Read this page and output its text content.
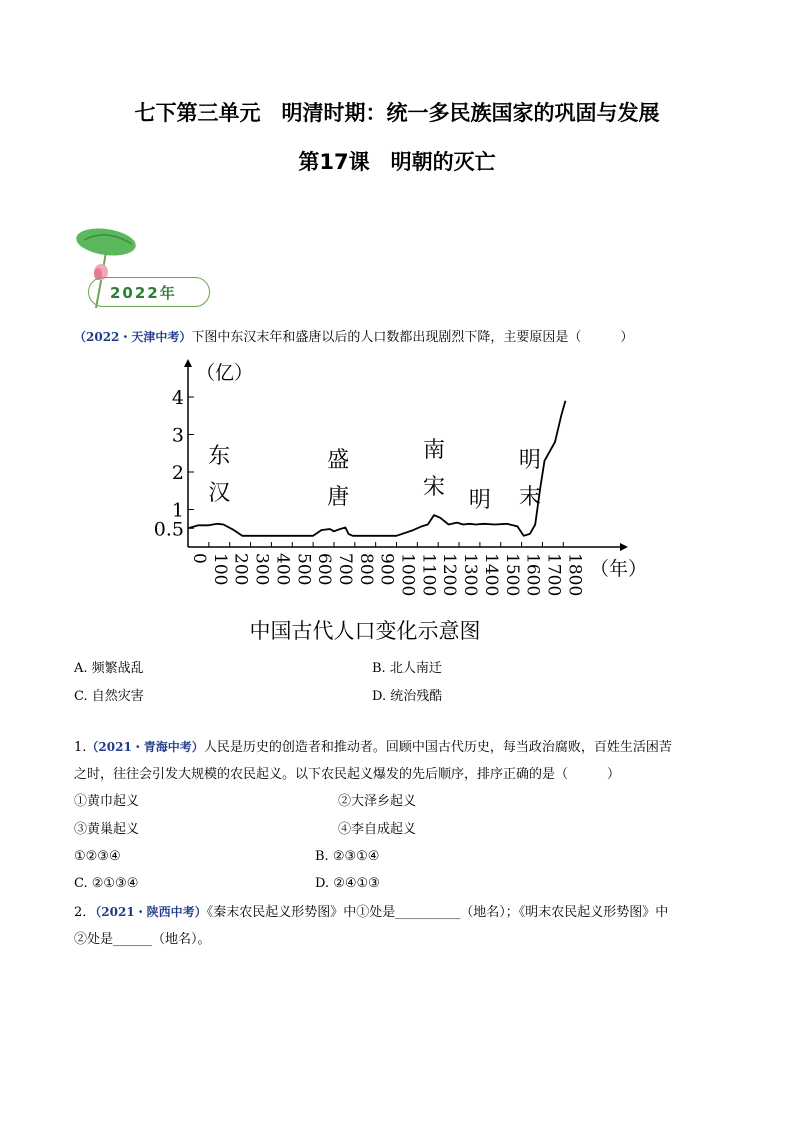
七下第三单元　明清时期：统一多民族国家的巩固与发展
第17课　明朝的灭亡
2022年
（2022・天津中考）下图中东汉末年和盛唐以后的人口数都出现剧烈下降，主要原因是（　　　）
（亿）
（年）
0.5
1
2
3
4
0 100 200 300 400 500 600 700 800 900 1000 1100 1200 1300 1400 1500 1600 1700 1800
东
汉
盛
唐
南
宋
明
明
末
中国古代人口变化示意图
A. 频繁战乱	B. 北人南迁
C. 自然灾害	D. 统治残酷
1.（2021・青海中考）人民是历史的创造者和推动者。回顾中国古代历史，每当政治腐败，百姓生活困苦
之时，往往会引发大规模的农民起义。以下农民起义爆发的先后顺序，排序正确的是（　　　）
①黄巾起义	②大泽乡起义
③黄巢起义	④李自成起义
①②③④	B. ②③①④
C. ②①③④	D. ②④①③
2．（2021・陕西中考）《秦末农民起义形势图》中①处是__________（地名）；《明末农民起义形势图》中
②处是______（地名）。
